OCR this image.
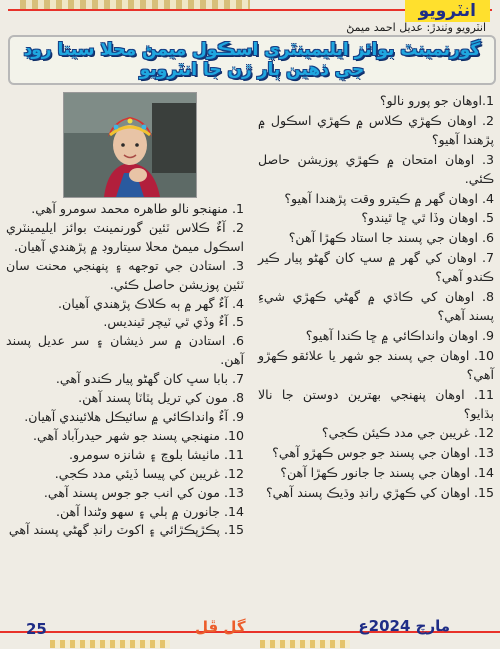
انٽرويو
انٽرويو وٺندڙ: عديل احمد ميمڻ
گورنمينٽ بوائز ايليمينٽري اسڪول ميمڻ محلا سيتا روڊ جي ذهين ٻار ڙن جا انٽرويو
1.اوهان جو پورو نالو؟
2. اوهان ڪهڙي ڪلاس ۾ ڪهڙي اسڪول ۾ پڙهندا آهيو؟
3. اوهان امتحان ۾ ڪهڙي پوزيشن حاصل ڪئي.
4. اوهان گهر ۾ ڪيترو وقت پڙهندا آهيو؟
5. اوهان وڏا ٿي ڇا ٿيندو؟
6. اوهان جي پسند جا استاد ڪهڙا آهن؟
7. اوهان کي گهر ۾ سڀ کان گهڻو پيار ڪير ڪندو آهي؟
8. اوهان کي ڪاڌي ۾ گهڻي ڪهڙي شيءِ پسند آهي؟
9. اوهان وانداڪائي ۾ ڇا ڪندا آهيو؟
10. اوهان جي پسند جو شهر يا علائقو ڪهڙو آهي؟
11. اوهان پنهنجي بهترين دوستن جا نالا ٻڌايو؟
12. غريبن جي مدد ڪيئن ڪجي؟
13. اوهان جي پسند جو جوس ڪهڙو آهي؟
14. اوهان جي پسند جا جانور ڪهڙا آهن؟
15. اوهان کي ڪهڙي رانڊ وڌيڪ پسند آهي؟
1. منهنجو نالو طاهره محمد سومرو آهي.
2. آءٌ ڪلاس ٽئين گورنمينٽ بوائز ايليمينٽري اسڪول ميمڻ محلا سيتاروڊ ۾ پڙهندي آهيان.
3. استادن جي توجهه ۽ پنهنجي محنت سان ٽئين پوزيشن حاصل ڪئي.
4. آءٌ گهر ۾ ٻه ڪلاڪ پڙهندي آهيان.
5. آءٌ وڏي ٿي ٽيچر ٿينديس.
6. استادن ۾ سر ذيشان ۽ سر عديل پسند آهن.
7. بابا سڀ کان گهڻو پيار ڪندو آهي.
8. مون کي تريل پٽاٽا پسند آهن.
9. آءٌ وانداڪائي ۾ سائيڪل هلائيندي آهيان.
10. منهنجي پسند جو شهر حيدرآباد آهي.
11. ماٺيشا بلوچ ۽ شانزه سومرو.
12. غريبن کي پيسا ڏيئي مدد ڪجي.
13. مون کي انب جو جوس پسند آهي.
14. جانورن ۾ ٻلي ۽ سهو وڻندا آهن.
15. پڪڙپڪڙائي ۽ اکوٽ رانڊ گهڻي پسند آهي
25	گل ڦل	مارچ 2024ع
